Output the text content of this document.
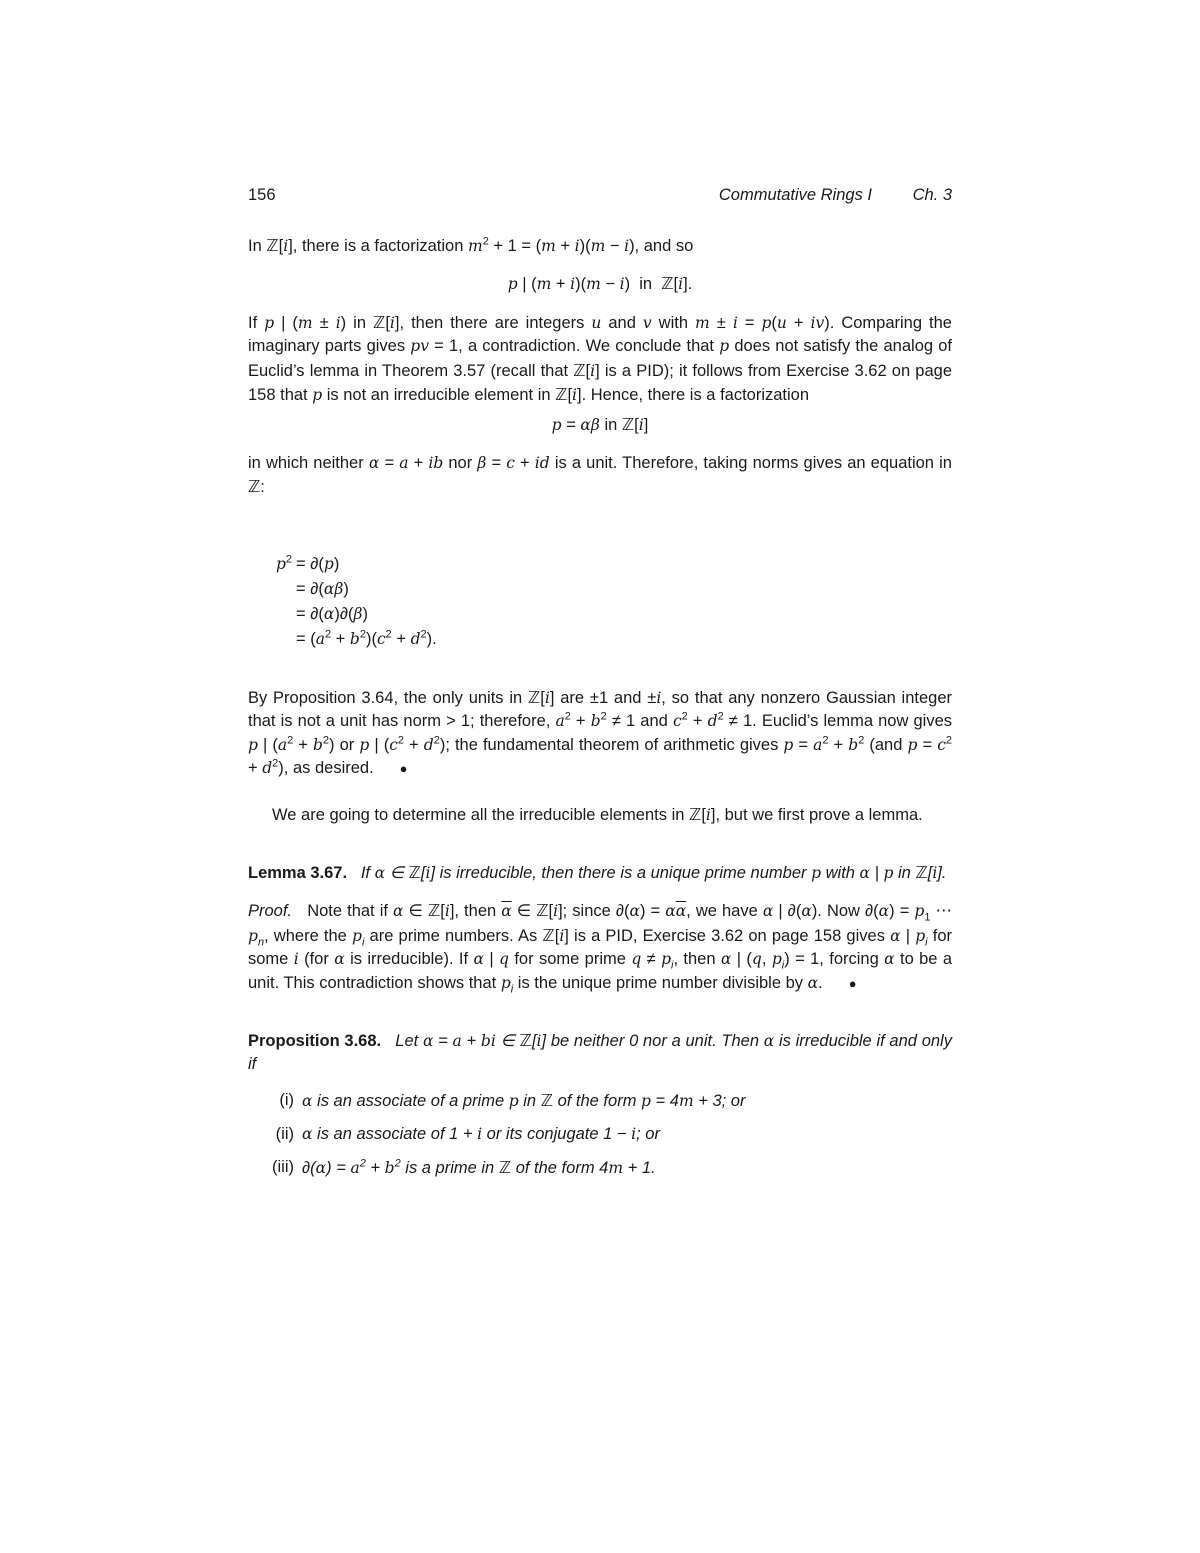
156	Commutative Rings I Ch. 3

In ℤ[i], there is a factorization $m^2 + 1 = (m + i)(m - i)$, and so

p | (m + i)(m − i)  in  ℤ[i].

If p | (m ± i) in ℤ[i], then there are integers u and v with m ± i = p(u + iv). Comparing the imaginary parts gives pv = 1, a contradiction. We conclude that p does not satisfy the analog of Euclid’s lemma in Theorem 3.57 (recall that ℤ[i] is a PID); it follows from Exercise 3.62 on page 158 that p is not an irreducible element in ℤ[i]. Hence, there is a factorization

p = αβ in ℤ[i]

in which neither α = a + ib nor β = c + id is a unit. Therefore, taking norms gives an equation in ℤ:

$p^2 = \partial(p)$
= ∂(αβ)
= ∂(α)∂(β)
= $(a^2 + b^2)(c^2 + d^2)$.

By Proposition 3.64, the only units in ℤ[i] are ±1 and ±i, so that any nonzero Gaussian integer that is not a unit has norm > 1; therefore, $a^2 + b^2 \ne 1$ and $c^2 + d^2 \ne 1$. Euclid’s lemma now gives p | $(a^2 + b^2)$ or p | $(c^2 + d^2)$; the fundamental theorem of arithmetic gives $p = a^2 + b^2$ (and $p = c^2 + d^2$), as desired. ●

We are going to determine all the irreducible elements in ℤ[i], but we first prove a lemma.

Lemma 3.67. If α ∈ ℤ[i] is irreducible, then there is a unique prime number p with α | p in ℤ[i].

Proof.   Note that if α ∈ ℤ[i], then $\overline{\alpha}$ ∈ ℤ[i]; since $\partial(\alpha) = \alpha\overline{\alpha}$, we have α | ∂(α). Now $\partial(\alpha) = p_1$ ⋯ $p_n$, where the $p_i$ are prime numbers. As ℤ[i] is a PID, Exercise 3.62 on page 158 gives α | $p_i$ for some i (for α is irreducible). If α | q for some prime $q \ne p_i$, then α | (q, $p_i) = 1$, forcing α to be a unit. This contradiction shows that $p_i$ is the unique prime number divisible by α. ●

Proposition 3.68. Let α = a + bi ∈ ℤ[i] be neither 0 nor a unit. Then α is irreducible if and only if

(i) α is an associate of a prime p in ℤ of the form p = 4m + 3; or
(ii) α is an associate of 1 + i or its conjugate 1 − i; or
(iii) $\partial(\alpha) = a^2 + b^2$ is a prime in ℤ of the form 4m + 1.
